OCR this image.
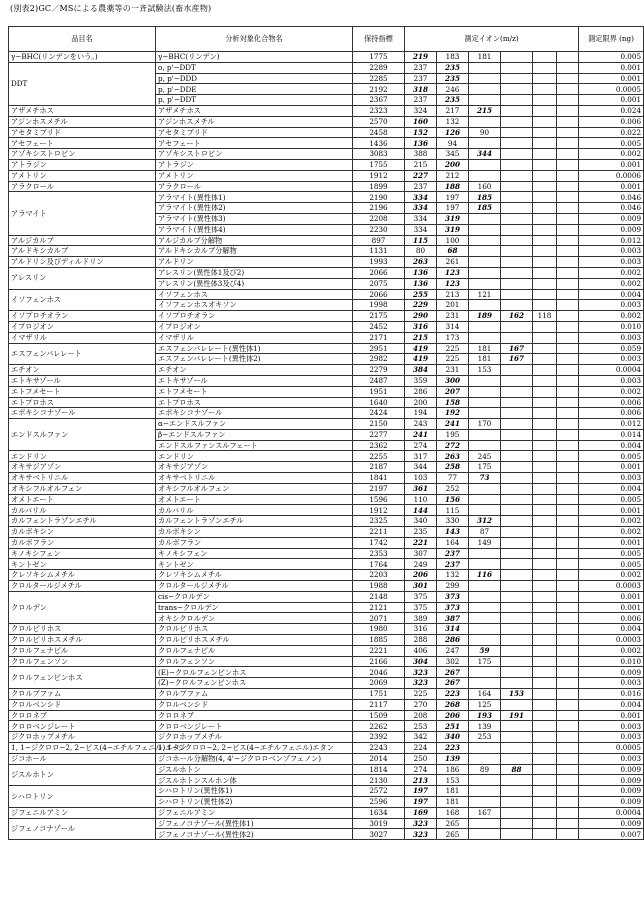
(別表2)GC／MSによる農薬等の一斉試験法(畜水産物)
品目名	分析対象化合物名	保持指標	測定イオン(m/z)						測定限界 (ng)
γ−BHC(リンデンをいう。)	γ−BHC(リンデン)	1775	219	183	181				0.005
DDT	o, p'−DDT	2289	237	235					0.001
	p, p'−DDD	2285	237	235					0.001
	p, p'−DDE	2192	318	246					0.0005
	p, p'−DDT	2367	237	235					0.001
アザメチホス	アザメチホス	2323	324	217	215				0.024
アジンホスメチル	アジンホスメチル	2570	160	132					0.006
アセタミプリド	アセタミプリド	2458	152	126	90				0.022
アセフェート	アセフェート	1436	136	94					0.005
アゾキシストロビン	アゾキシストロビン	3083	388	345	344				0.002
アトラジン	アトラジン	1755	215	200					0.001
アメトリン	アメトリン	1912	227	212					0.0006
アラクロール	アラクロール	1899	237	188	160				0.001
アラマイト	アラマイト(異性体1)	2190	334	197	185				0.046
	アラマイト(異性体2)	2196	334	197	185				0.046
	アラマイト(異性体3)	2208	334	319					0.009
	アラマイト(異性体4)	2230	334	319					0.009
アルジカルブ	アルジカルブ分解物	897	115	100					0.012
アルドキシカルブ	アルドキシカルブ分解物	1131	80	68					0.003
アルドリン及びディルドリン	アルドリン	1993	263	261					0.003
アレスリン	アレスリン(異性体1及び2)	2066	136	123					0.002
	アレスリン(異性体3及び4)	2075	136	123					0.002
イソフェンホス	イソフェンホス	2066	255	213	121				0.004
	イソフェンホスオキソン	1998	229	201					0.003
イソプロチオラン	イソプロチオラン	2175	290	231	189	162	118		0.002
イプロジオン	イプロジオン	2452	316	314					0.010
イマザリル	イマザリル	2171	215	173					0.003
エスフェンバレレート	エスフェンバレレート(異性体1)	2951	419	225	181	167			0.059
	エスフェンバレレート(異性体2)	2982	419	225	181	167			0.003
エチオン	エチオン	2279	384	231	153				0.0004
エトキサゾール	エトキサゾール	2487	359	300					0.003
エトフメセート	エトフメセート	1951	286	207					0.002
エトプロホス	エトプロホス	1640	200	158					0.006
エポキシコナゾール	エポキシコナゾール	2424	194	192					0.006
エンドスルファン	α−エンドスルファン	2150	243	241	170				0.012
	β−エンドスルファン	2277	241	195					0.014
	エンドスルファンスルフェート	2362	274	272					0.004
エンドリン	エンドリン	2255	317	263	245				0.005
オキサジアゾン	オキサジアゾン	2187	344	258	175				0.001
オキサベトリニル	オキサベトリニル	1841	103	77	73				0.003
オキシフルオルフェン	オキシフルオルフェン	2197	361	252					0.004
オメトエート	オメトエート	1596	110	156					0.005
カルバリル	カルバリル	1912	144	115					0.001
カルフェントラゾンエチル	カルフェントラゾンエチル	2325	340	330	312				0.002
カルボキシン	カルボキシン	2211	235	143	87				0.002
カルボフラン	カルボフラン	1742	221	164	149				0.001
キノキシフェン	キノキシフェン	2353	307	237					0.005
キントゼン	キントゼン	1764	249	237					0.005
クレソキシムメチル	クレソキシムメチル	2203	206	132	116				0.002
クロルタールジメチル	クロルタールジメチル	1988	301	299					0.0003
クロルデン	cis−クロルデン	2148	375	373					0.001
	trans−クロルデン	2121	375	373					0.001
	オキシクロルデン	2071	389	387					0.006
クロルピリホス	クロルピリホス	1980	316	314					0.004
クロルピリホスメチル	クロルピリホスメチル	1885	288	286					0.0003
クロルフェナピル	クロルフェナピル	2221	406	247	59				0.002
クロルフェンソン	クロルフェンソン	2166	304	302	175				0.010
クロルフェンビンホス	(E)−クロルフェンビンホス	2046	323	267					0.009
	(Z)−クロルフェンビンホス	2069	323	267					0.003
クロルプファム	クロルプファム	1751	225	223	164	153			0.016
クロルベンシド	クロルベンシド	2117	270	268	125				0.004
クロロネブ	クロロネブ	1509	208	206	193	191			0.001
クロロベンジレート	クロロベンジレート	2262	253	251	139				0.003
ジクロホップメチル	ジクロホップメチル	2392	342	340	253				0.003
1, 1−ジクロロ−2, 2−ビス(4−エチルフェニル)エタン	1, 1−ジクロロ−2, 2−ビス(4−エチルフェニル)エタン	2243	224	223					0.0005
ジコホール	ジコホール分解物(4, 4'−ジクロロベンゾフェノン)	2014	250	139					0.003
ジスルホトン	ジスルホトン	1814	274	186	89	88			0.009
	ジスルホトンスルホン体	2130	213	153					0.009
シハロトリン	シハロトリン(異性体1)	2572	197	181					0.009
	シハロトリン(異性体2)	2596	197	181					0.009
ジフェニルアミン	ジフェニルアミン	1634	169	168	167				0.0004
ジフェノコナゾール	ジフェノコナゾール(異性体1)	3019	323	265					0.009
	ジフェノコナゾール(異性体2)	3027	323	265					0.007
